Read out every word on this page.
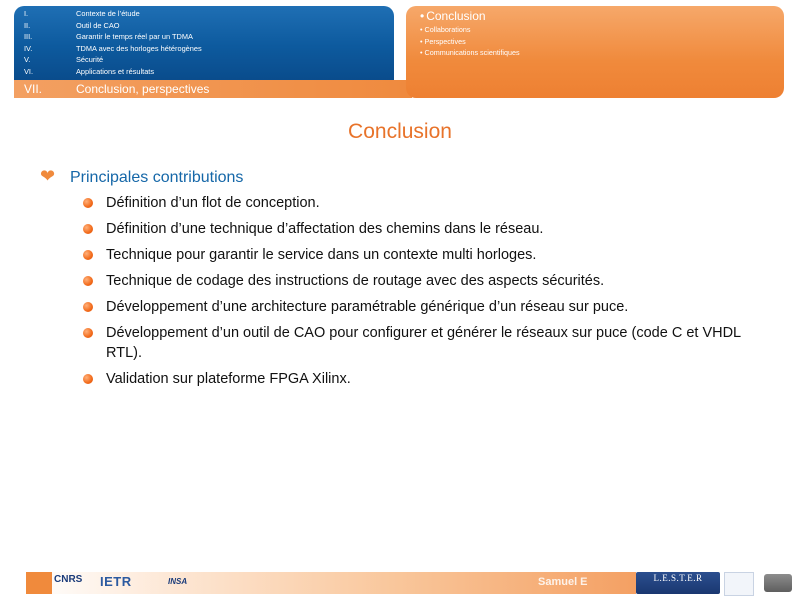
I.	Contexte de l’étude
II.	Outil de CAO
III.	Garantir le temps réel par un TDMA
IV.	TDMA avec des horloges hétérogènes
V.	Sécurité
VI.	Applications et résultats
VII.	Conclusion, perspectives
• Conclusion
• Collaborations
• Perspectives
• Communications scientifiques
Conclusion
❤ Principales contributions
Définition d’un flot de conception.
Définition d’une technique d’affectation des chemins dans le réseau.
Technique pour garantir le service dans un contexte multi horloges.
Technique de codage des instructions de routage avec des aspects sécurités.
Développement d’une architecture paramétrable générique d’un réseau sur puce.
Développement d’un outil de CAO pour configurer et générer le réseaux sur puce (code C et VHDL RTL).
Validation sur plateforme FPGA Xilinx.
CNRS IETR	INSA	Samuel E	L.E.S.T.E.R
